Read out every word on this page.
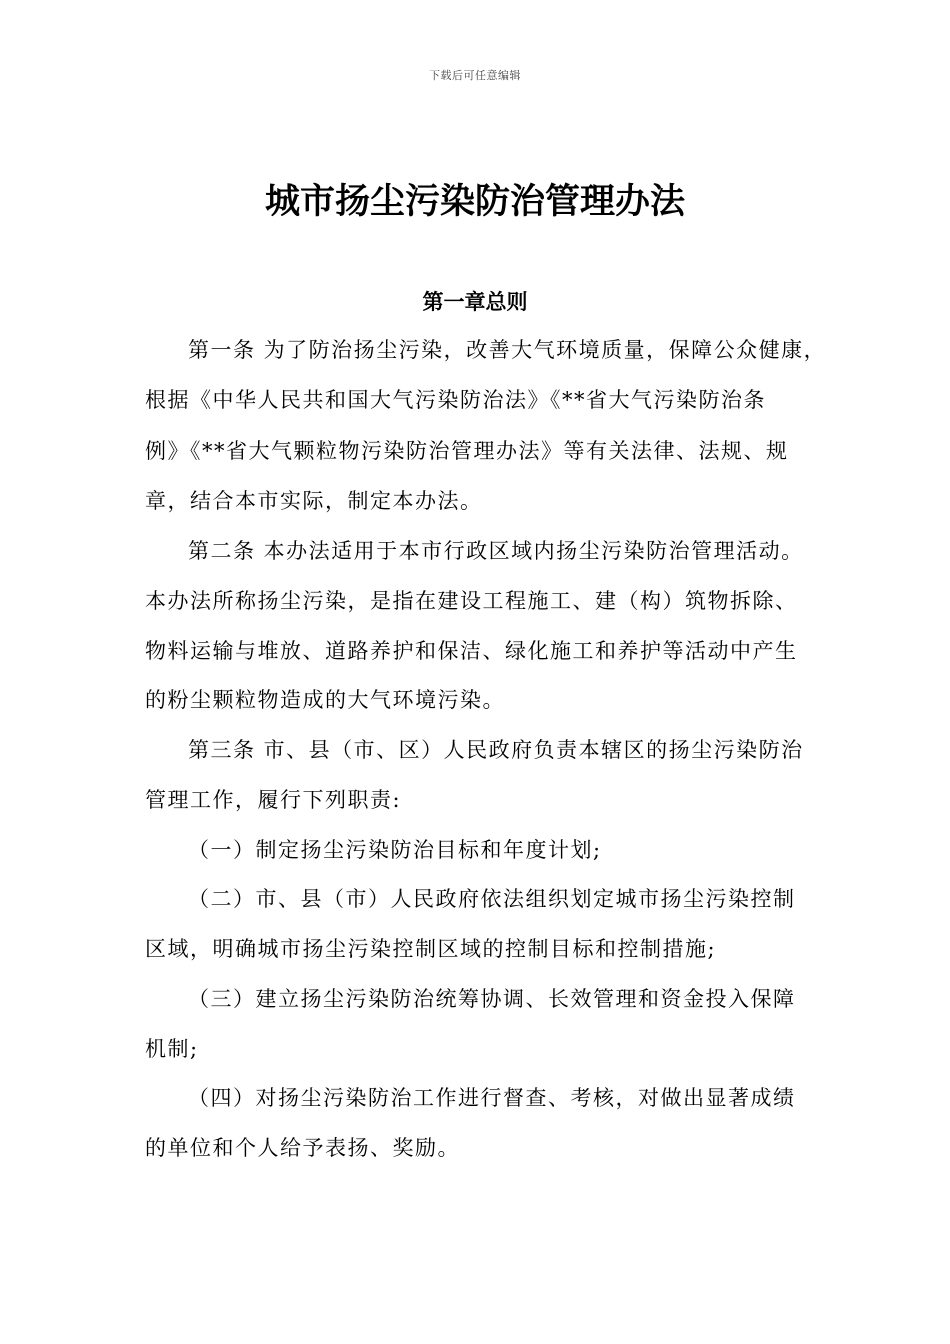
下载后可任意编辑
城市扬尘污染防治管理办法
第一章总则
第一条 为了防治扬尘污染，改善大气环境质量，保障公众健康，
根据《中华人民共和国大气污染防治法》《**省大气污染防治条
例》《**省大气颗粒物污染防治管理办法》等有关法律、法规、规
章，结合本市实际，制定本办法。
第二条 本办法适用于本市行政区域内扬尘污染防治管理活动。
本办法所称扬尘污染，是指在建设工程施工、建（构）筑物拆除、
物料运输与堆放、道路养护和保洁、绿化施工和养护等活动中产生
的粉尘颗粒物造成的大气环境污染。
第三条 市、县（市、区）人民政府负责本辖区的扬尘污染防治
管理工作，履行下列职责:
（一）制定扬尘污染防治目标和年度计划;
（二）市、县（市）人民政府依法组织划定城市扬尘污染控制
区域，明确城市扬尘污染控制区域的控制目标和控制措施;
（三）建立扬尘污染防治统筹协调、长效管理和资金投入保障
机制;
（四）对扬尘污染防治工作进行督查、考核，对做出显著成绩
的单位和个人给予表扬、奖励。
